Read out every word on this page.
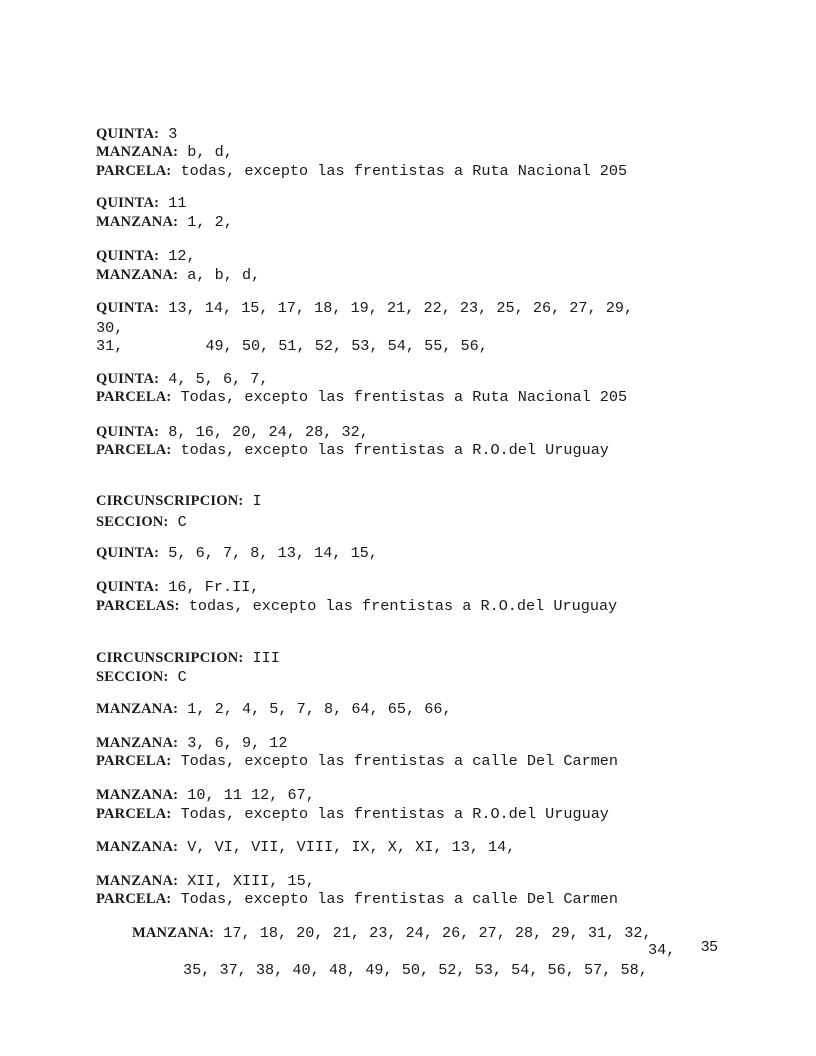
QUINTA: 3
MANZANA: b, d,
PARCELA: todas, excepto las frentistas a Ruta Nacional 205
QUINTA: 11
MANZANA: 1, 2,
QUINTA: 12,
MANZANA: a, b, d,
QUINTA: 13, 14, 15, 17, 18, 19, 21, 22, 23, 25, 26, 27, 29,
30,
31,         49, 50, 51, 52, 53, 54, 55, 56,
QUINTA: 4, 5, 6, 7,
PARCELA: Todas, excepto las frentistas a Ruta Nacional 205
QUINTA: 8, 16, 20, 24, 28, 32,
PARCELA: todas, excepto las frentistas a R.O.del Uruguay
CIRCUNSCRIPCION: I
SECCION: C
QUINTA: 5, 6, 7, 8, 13, 14, 15,
QUINTA: 16, Fr.II,
PARCELAS: todas, excepto las frentistas a R.O.del Uruguay
CIRCUNSCRIPCION: III
SECCION: C
MANZANA: 1, 2, 4, 5, 7, 8, 64, 65, 66,
MANZANA: 3, 6, 9, 12
PARCELA: Todas, excepto las frentistas a calle Del Carmen
MANZANA: 10, 11 12, 67,
PARCELA: Todas, excepto las frentistas a R.O.del Uruguay
MANZANA: V, VI, VII, VIII, IX, X, XI, 13, 14,
MANZANA: XII, XIII, 15,
PARCELA: Todas, excepto las frentistas a calle Del Carmen
MANZANA: 17, 18, 20, 21, 23, 24, 26, 27, 28, 29, 31, 32,
34,
35, 37, 38, 40, 48, 49, 50, 52, 53, 54, 56, 57, 58,
35
